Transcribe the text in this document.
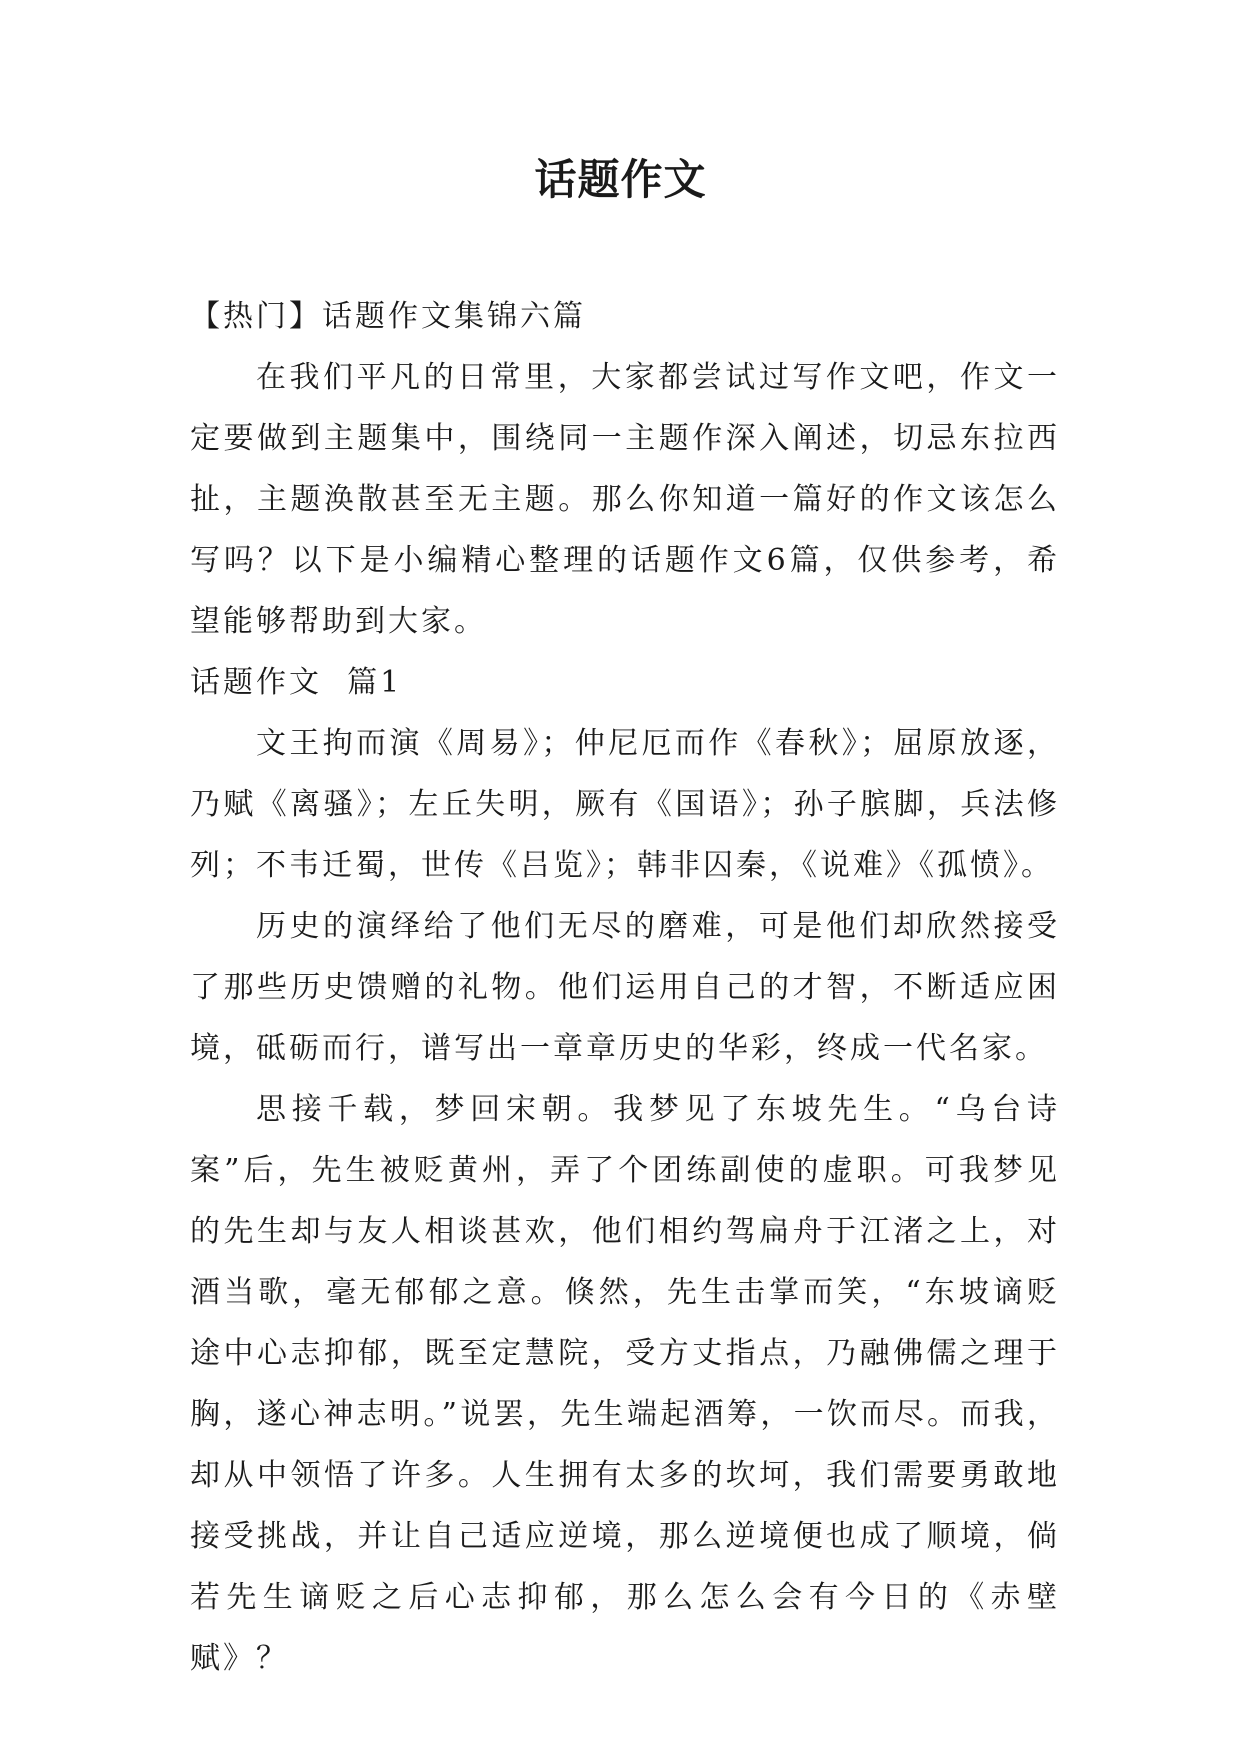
话题作文

【热门】话题作文集锦六篇

在我们平凡的日常里，大家都尝试过写作文吧，作文一定要做到主题集中，围绕同一主题作深入阐述，切忌东拉西扯，主题涣散甚至无主题。那么你知道一篇好的作文该怎么写吗？以下是小编精心整理的话题作文6篇，仅供参考，希望能够帮助到大家。

话题作文  篇1

文王拘而演《周易》；仲尼厄而作《春秋》；屈原放逐，乃赋《离骚》；左丘失明，厥有《国语》；孙子膑脚，兵法修列；不韦迁蜀，世传《吕览》；韩非囚秦，《说难》《孤愤》。

历史的演绎给了他们无尽的磨难，可是他们却欣然接受了那些历史馈赠的礼物。他们运用自己的才智，不断适应困境，砥砺而行，谱写出一章章历史的华彩，终成一代名家。

思接千载，梦回宋朝。我梦见了东坡先生。“乌台诗案”后，先生被贬黄州，弄了个团练副使的虚职。可我梦见的先生却与友人相谈甚欢，他们相约驾扁舟于江渚之上，对酒当歌，毫无郁郁之意。倏然，先生击掌而笑，“东坡谪贬途中心志抑郁，既至定慧院，受方丈指点，乃融佛儒之理于胸，遂心神志明。”说罢，先生端起酒筹，一饮而尽。而我，却从中领悟了许多。人生拥有太多的坎坷，我们需要勇敢地接受挑战，并让自己适应逆境，那么逆境便也成了顺境，倘若先生谪贬之后心志抑郁，那么怎么会有今日的《赤壁赋》？
